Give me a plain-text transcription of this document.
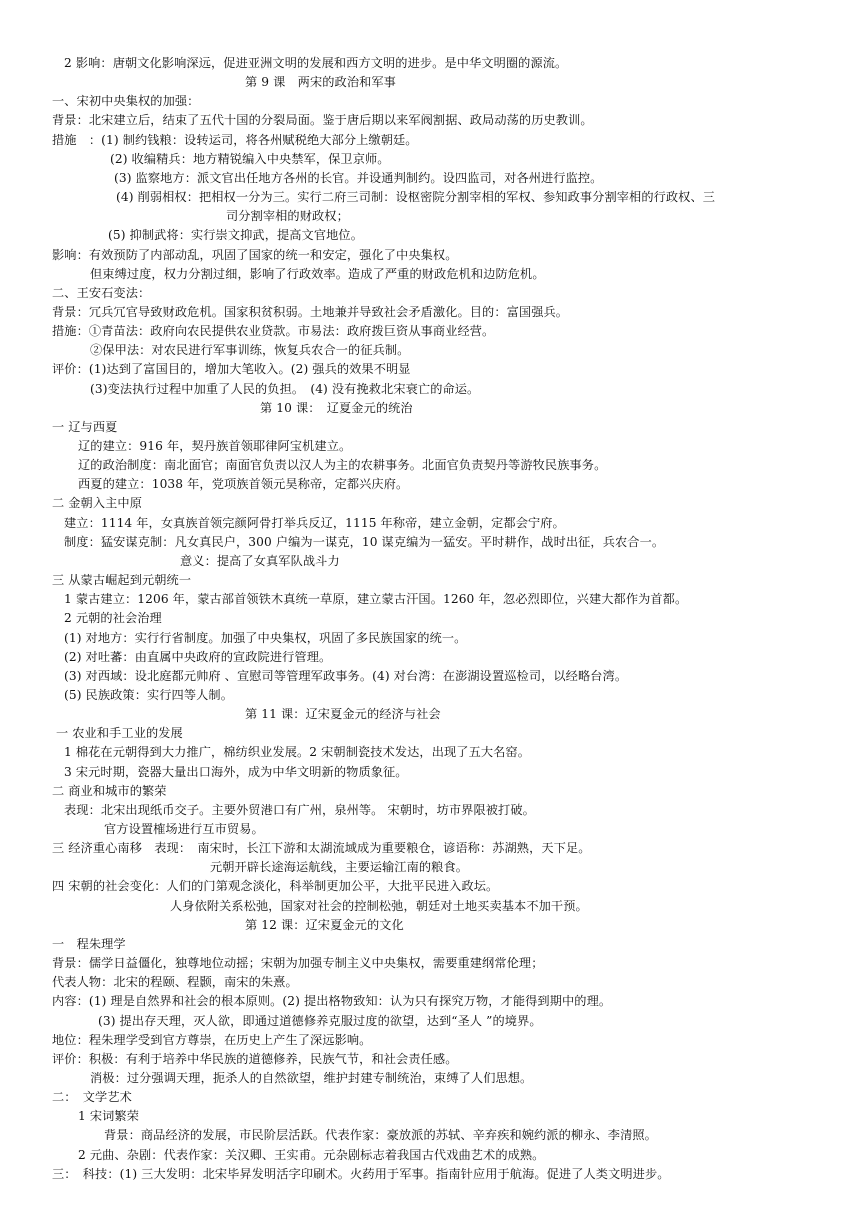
2 影响：唐朝文化影响深远，促进亚洲文明的发展和西方文明的进步。是中华文明圈的源流。
第 9 课　两宋的政治和军事
一、宋初中央集权的加强：
背景：北宋建立后，结束了五代十国的分裂局面。鉴于唐后期以来军阀割据、政局动荡的历史教训。
措施　：(1) 制约钱粮：设转运司，将各州赋税绝大部分上缴朝廷。
(2) 收编精兵：地方精锐编入中央禁军，保卫京师。
(3) 监察地方：派文官出任地方各州的长官。并设通判制约。设四监司，对各州进行监控。
(4) 削弱相权：把相权一分为三。实行二府三司制：设枢密院分割宰相的军权、参知政事分割宰相的行政权、三
司分割宰相的财政权；
(5) 抑制武将：实行崇文抑武，提高文官地位。
影响：有效预防了内部动乱，巩固了国家的统一和安定，强化了中央集权。
但束缚过度，权力分割过细，影响了行政效率。造成了严重的财政危机和边防危机。
二、王安石变法：
背景：冗兵冗官导致财政危机。国家积贫积弱。土地兼并导致社会矛盾激化。目的：富国强兵。
措施：①青苗法：政府向农民提供农业贷款。市易法：政府拨巨资从事商业经营。
②保甲法：对农民进行军事训练，恢复兵农合一的征兵制。
评价：(1)达到了富国目的，增加大笔收入。(2) 强兵的效果不明显
(3)变法执行过程中加重了人民的负担。　(4) 没有挽救北宋衰亡的命运。
第 10 课：　辽夏金元的统治
一 辽与西夏
辽的建立：916 年，契丹族首领耶律阿宝机建立。
辽的政治制度：南北面官；南面官负责以汉人为主的农耕事务。北面官负责契丹等游牧民族事务。
西夏的建立：1038 年，党项族首领元昊称帝，定都兴庆府。
二 金朝入主中原
建立：1114 年，女真族首领完颜阿骨打举兵反辽，1115 年称帝，建立金朝，定都会宁府。
制度：猛安谋克制：凡女真民户，300 户编为一谋克，10 谋克编为一猛安。平时耕作，战时出征，兵农合一。
意义：提高了女真军队战斗力
三 从蒙古崛起到元朝统一
1 蒙古建立：1206 年，蒙古部首领铁木真统一草原，建立蒙古汗国。1260 年，忽必烈即位，兴建大都作为首都。
2 元朝的社会治理
(1) 对地方：实行行省制度。加强了中央集权，巩固了多民族国家的统一。
(2) 对吐蕃：由直属中央政府的宣政院进行管理。
(3) 对西域：设北庭都元帅府 、宣慰司等管理军政事务。(4) 对台湾：在澎湖设置巡检司，以经略台湾。
(5) 民族政策：实行四等人制。
第 11 课：辽宋夏金元的经济与社会
一 农业和手工业的发展
1 棉花在元朝得到大力推广，棉纺织业发展。2 宋朝制瓷技术发达，出现了五大名窑。
3 宋元时期，瓷器大量出口海外，成为中华文明新的物质象征。
二 商业和城市的繁荣
表现：北宋出现纸币交子。主要外贸港口有广州，泉州等。 宋朝时，坊市界限被打破。
官方设置榷场进行互市贸易。
三 经济重心南移　表现：　南宋时，长江下游和太湖流域成为重要粮仓，谚语称：苏湖熟，天下足。
元朝开辟长途海运航线，主要运输江南的粮食。
四 宋朝的社会变化：人们的门第观念淡化，科举制更加公平，大批平民进入政坛。
人身依附关系松弛，国家对社会的控制松弛，朝廷对土地买卖基本不加干预。
第 12 课：辽宋夏金元的文化
一　程朱理学
背景：儒学日益僵化，独尊地位动摇；宋朝为加强专制主义中央集权，需要重建纲常伦理；
代表人物：北宋的程颐、程颢，南宋的朱熹。
内容：(1) 理是自然界和社会的根本原则。(2) 提出格物致知：认为只有探究万物，才能得到期中的理。
(3) 提出存天理，灭人欲，即通过道德修养克服过度的欲望，达到“圣人 ”的境界。
地位：程朱理学受到官方尊崇，在历史上产生了深远影响。
评价：积极：有利于培养中华民族的道德修养，民族气节，和社会责任感。
消极：过分强调天理，扼杀人的自然欲望，维护封建专制统治，束缚了人们思想。
二：　文学艺术
1 宋词繁荣
背景：商品经济的发展，市民阶层活跃。代表作家：豪放派的苏轼、辛弃疾和婉约派的柳永、李清照。
2 元曲、杂剧：代表作家：关汉卿、王实甫。元杂剧标志着我国古代戏曲艺术的成熟。
三：　科技：(1) 三大发明：北宋毕昇发明活字印刷术。火药用于军事。指南针应用于航海。促进了人类文明进步。
